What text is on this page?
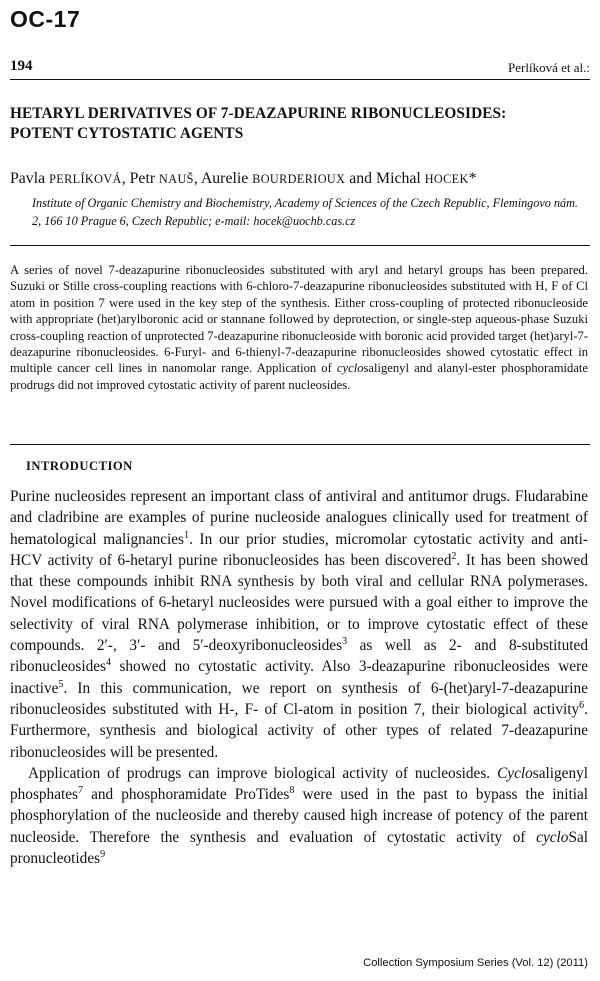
OC-17
194	Perlíková et al.:
HETARYL DERIVATIVES OF 7-DEAZAPURINE RIBONUCLEOSIDES: POTENT CYTOSTATIC AGENTS
Pavla PERLÍKOVÁ, Petr NAUŠ, Aurelie BOURDERIOUX and Michal HOCEK*
Institute of Organic Chemistry and Biochemistry, Academy of Sciences of the Czech Republic, Flemingovo nám. 2, 166 10 Prague 6, Czech Republic; e-mail: hocek@uochb.cas.cz

A series of novel 7-deazapurine ribonucleosides substituted with aryl and hetaryl groups has been prepared. Suzuki or Stille cross-coupling reactions with 6-chloro-7-deazapurine ribonucleosides substituted with H, F of Cl atom in position 7 were used in the key step of the synthesis. Either cross-coupling of protected ribonucleoside with appropriate (het)arylboronic acid or stannane followed by deprotection, or single-step aqueous-phase Suzuki cross-coupling reaction of unprotected 7-deazapurine ribonucleoside with boronic acid provided target (het)aryl-7-deazapurine ribonucleosides. 6-Furyl- and 6-thienyl-7-deazapurine ribonucleosides showed cytostatic effect in multiple cancer cell lines in nanomolar range. Application of cyclosaligenyl and alanyl-ester phosphoramidate prodrugs did not improved cytostatic activity of parent nucleosides.

INTRODUCTION

Purine nucleosides represent an important class of antiviral and antitumor drugs. Fludarabine and cladribine are examples of purine nucleoside analogues clinically used for treatment of hematological malignancies$^1$. In our prior studies, micromolar cytostatic activity and anti-HCV activity of 6-hetaryl purine ribonucleosides has been discovered$^2$. It has been showed that these compounds inhibit RNA synthesis by both viral and cellular RNA polymerases. Novel modifications of 6-hetaryl nucleosides were pursued with a goal either to improve the selectivity of viral RNA polymerase inhibition, or to improve cytostatic effect of these compounds. 2′-, 3′- and 5′-deoxyribonucleosides$^3$ as well as 2- and 8-substituted ribonucleosides$^4$ showed no cytostatic activity. Also 3-deazapurine ribonucleosides were inactive$^5$. In this communication, we report on synthesis of 6-(het)aryl-7-deazapurine ribonucleosides substituted with H-, F- of Cl-atom in position 7, their biological activity$^6$. Furthermore, synthesis and biological activity of other types of related 7-deazapurine ribonucleosides will be presented.

Application of prodrugs can improve biological activity of nucleosides. Cyclosaligenyl phosphates$^7$ and phosphoramidate ProTides$^8$ were used in the past to bypass the initial phosphorylation of the nucleoside and thereby caused high increase of potency of the parent nucleoside. Therefore the synthesis and evaluation of cytostatic activity of cycloSal pronucleotides$^9$

Collection Symposium Series (Vol. 12) (2011)
